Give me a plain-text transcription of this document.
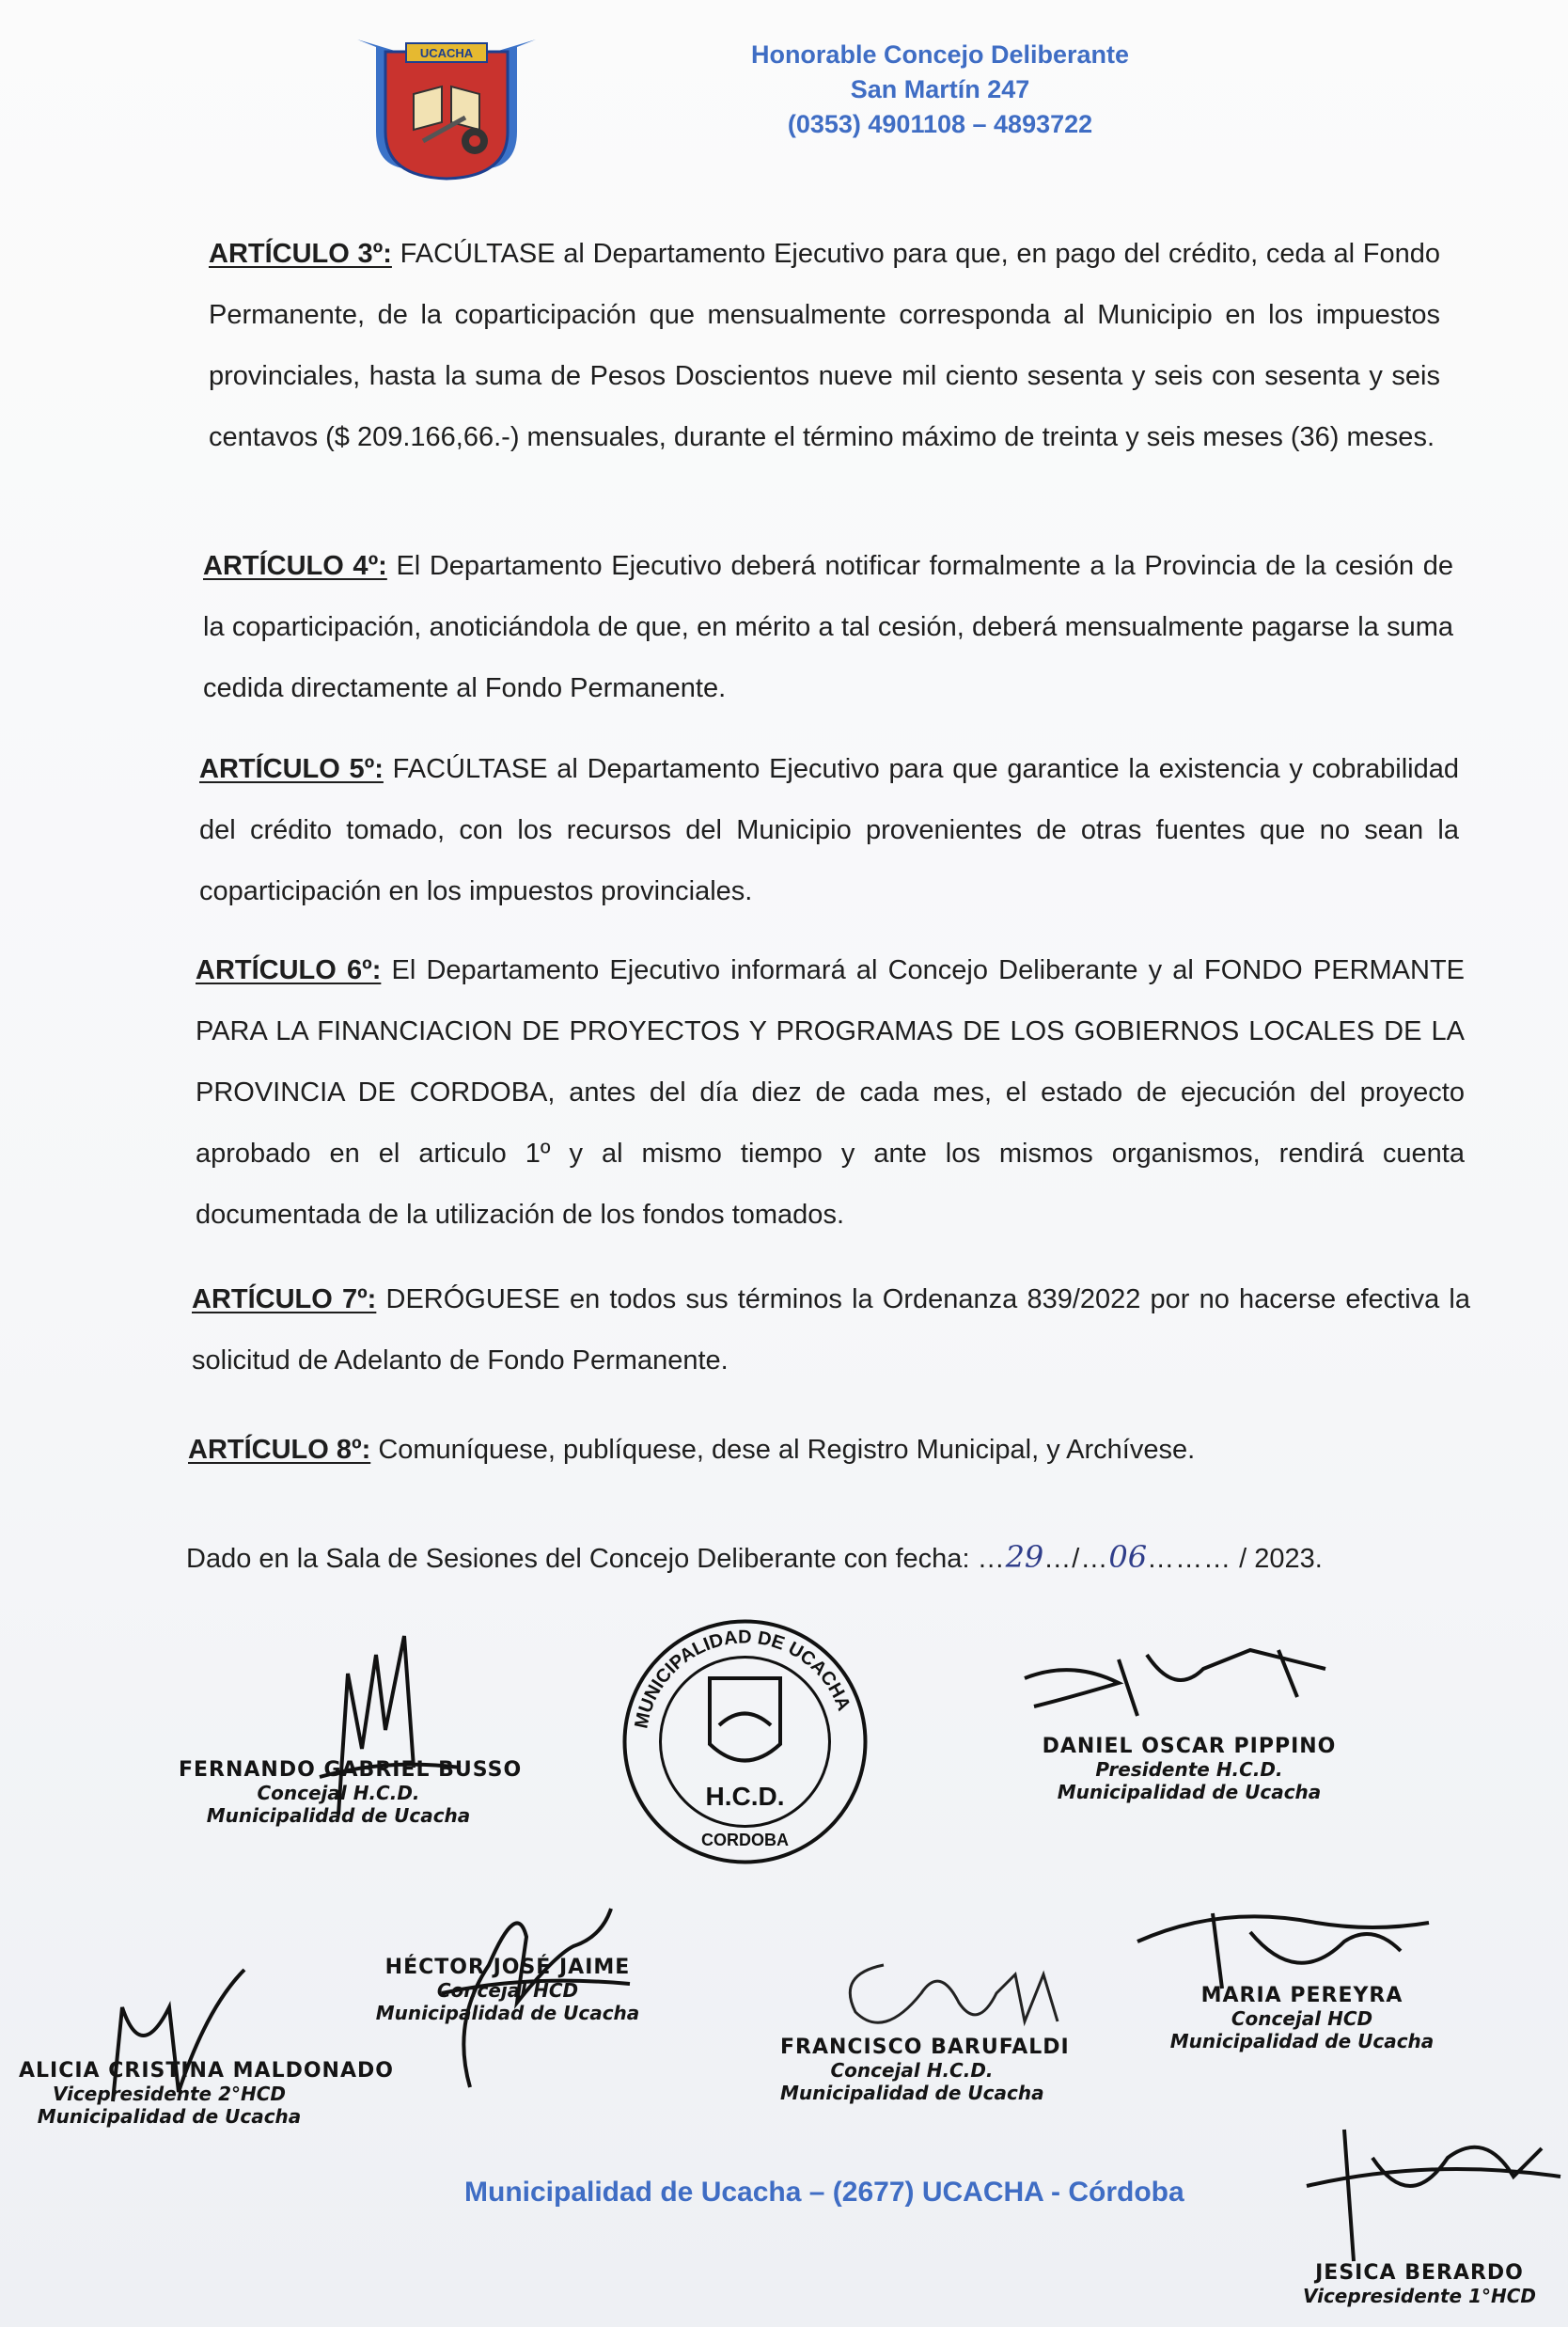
UCACHA	Honorable Concejo Deliberante
San Martín 247
(0353) 4901108 – 4893722
ARTÍCULO 3º: FACÚLTASE al Departamento Ejecutivo para que, en pago del crédito, ceda al Fondo Permanente, de la coparticipación que mensualmente corresponda al Municipio en los impuestos provinciales, hasta la suma de Pesos Doscientos nueve mil ciento sesenta y seis con sesenta y seis centavos ($ 209.166,66.-) mensuales, durante el término máximo de treinta y seis meses (36) meses.
ARTÍCULO 4º: El Departamento Ejecutivo deberá notificar formalmente a la Provincia de la cesión de la coparticipación, anoticiándola de que, en mérito a tal cesión, deberá mensualmente pagarse la suma cedida directamente al Fondo Permanente.
ARTÍCULO 5º: FACÚLTASE al Departamento Ejecutivo para que garantice la existencia y cobrabilidad del crédito tomado, con los recursos del Municipio provenientes de otras fuentes que no sean la coparticipación en los impuestos provinciales.
ARTÍCULO 6º: El Departamento Ejecutivo informará al Concejo Deliberante y al FONDO PERMANTE PARA LA FINANCIACION DE PROYECTOS Y PROGRAMAS DE LOS GOBIERNOS LOCALES DE LA PROVINCIA DE CORDOBA, antes del día diez de cada mes, el estado de ejecución del proyecto aprobado en el articulo 1º y al mismo tiempo y ante los mismos organismos, rendirá cuenta documentada de la utilización de los fondos tomados.
ARTÍCULO 7º: DERÓGUESE en todos sus términos la Ordenanza 839/2022 por no hacerse efectiva la solicitud de Adelanto de Fondo Permanente.
ARTÍCULO 8º: Comuníquese, publíquese, dese al Registro Municipal, y Archívese.
Dado en la Sala de Sesiones del Concejo Deliberante con fecha: …29…/…06……… / 2023.
MUNICIPALIDAD DE UCACHA
H.C.D.
CORDOBA
FERNANDO GABRIEL BUSSO
Concejal H.C.D.
Municipalidad de Ucacha
DANIEL OSCAR PIPPINO
Presidente H.C.D.
Municipalidad de Ucacha
HÉCTOR JOSÉ JAIME
Concejal HCD
Municipalidad de Ucacha
FRANCISCO BARUFALDI
Concejal H.C.D.
Municipalidad de Ucacha
MARIA PEREYRA
Concejal HCD
Municipalidad de Ucacha
ALICIA CRISTINA MALDONADO
Vicepresidente 2°HCD
Municipalidad de Ucacha
JESICA BERARDO
Vicepresidente 1°HCD
Municipalidad de Ucacha – (2677) UCACHA - Córdoba
